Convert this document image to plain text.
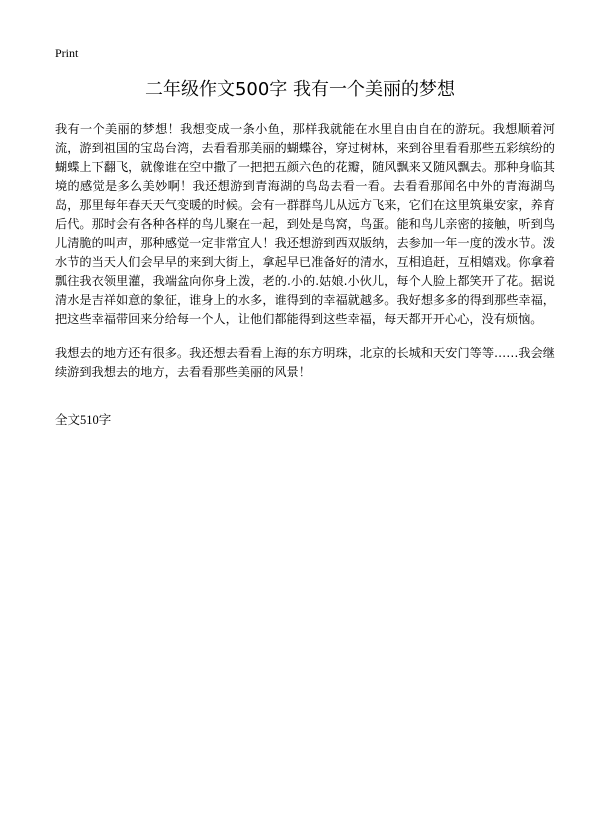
Print
二年级作文500字 我有一个美丽的梦想

我有一个美丽的梦想！我想变成一条小鱼，那样我就能在水里自由自在的游玩。我想顺着河流，游到祖国的宝岛台湾，去看看那美丽的蝴蝶谷，穿过树林，来到谷里看看那些五彩缤纷的蝴蝶上下翻飞，就像谁在空中撒了一把把五颜六色的花瓣，随风飘来又随风飘去。那种身临其境的感觉是多么美妙啊！我还想游到青海湖的鸟岛去看一看。去看看那闻名中外的青海湖鸟岛，那里每年春天天气变暖的时候。会有一群群鸟儿从远方飞来，它们在这里筑巢安家，养育后代。那时会有各种各样的鸟儿聚在一起，到处是鸟窝，鸟蛋。能和鸟儿亲密的接触，听到鸟儿清脆的叫声，那种感觉一定非常宜人！我还想游到西双版纳，去参加一年一度的泼水节。泼水节的当天人们会早早的来到大街上，拿起早已准备好的清水，互相追赶，互相嬉戏。你拿着瓢往我衣领里灌，我端盆向你身上泼，老的.小的.姑娘.小伙儿，每个人脸上都笑开了花。据说清水是吉祥如意的象征，谁身上的水多，谁得到的幸福就越多。我好想多多的得到那些幸福，把这些幸福带回来分给每一个人，让他们都能得到这些幸福，每天都开开心心，没有烦恼。

我想去的地方还有很多。我还想去看看上海的东方明珠，北京的长城和天安门等等……我会继续游到我想去的地方，去看看那些美丽的风景！

全文510字
